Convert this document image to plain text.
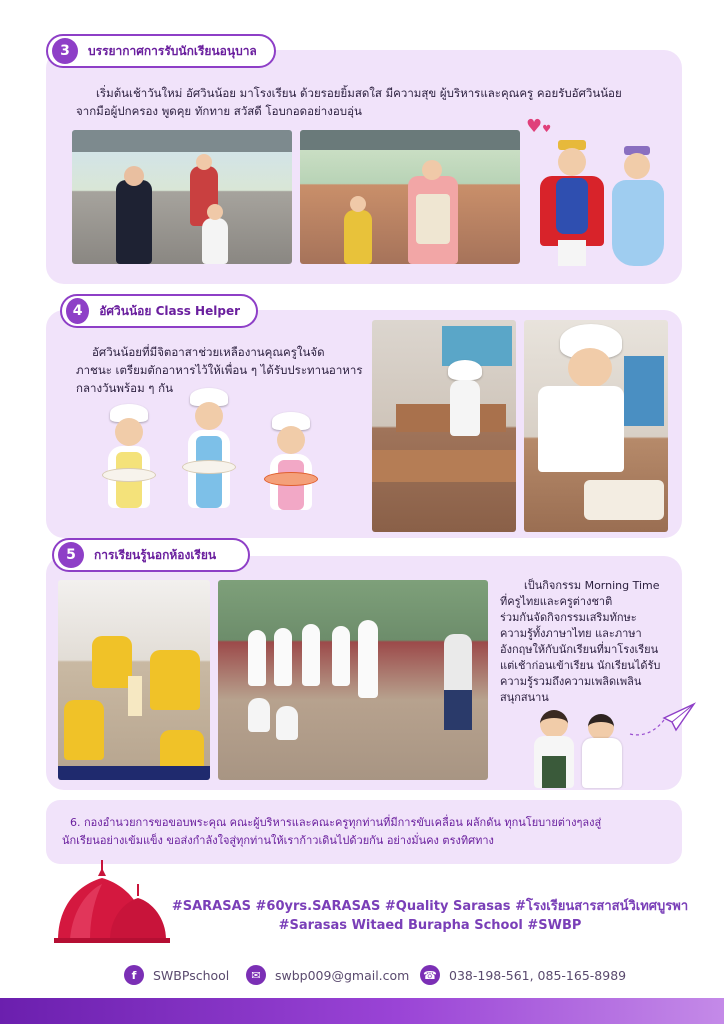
3	บรรยากาศการรับนักเรียนอนุบาล
เริ่มต้นเช้าวันใหม่ อัศวินน้อย มาโรงเรียน ด้วยรอยยิ้มสดใส มีความสุข ผู้บริหารและคุณครู คอยรับอัศวินน้อย
จากมือผู้ปกครอง พูดคุย ทักทาย สวัสดี โอบกอดอย่างอบอุ่น
♥♥
4	อัศวินน้อย Class Helper
อัศวินน้อยที่มีจิตอาสาช่วยเหลืองานคุณครูในจัด
ภาชนะ เตรียมตักอาหารไว้ให้เพื่อน ๆ ได้รับประทานอาหาร
กลางวันพร้อม ๆ กัน
5	การเรียนรู้นอกห้องเรียน
เป็นกิจกรรม Morning Time
ที่ครูไทยและครูต่างชาติ
ร่วมกันจัดกิจกรรมเสริมทักษะ
ความรู้ทั้งภาษาไทย และภาษา
อังกฤษให้กับนักเรียนที่มาโรงเรียน
แต่เช้าก่อนเข้าเรียน นักเรียนได้รับ
ความรู้รวมถึงความเพลิดเพลิน
สนุกสนาน
6. กองอำนวยการขอขอบพระคุณ คณะผู้บริหารและคณะครูทุกท่านที่มีการขับเคลื่อน ผลักดัน ทุกนโยบายต่างๆลงสู่
นักเรียนอย่างเข้มแข็ง ขอส่งกำลังใจสู่ทุกท่านให้เราก้าวเดินไปด้วยกัน อย่างมั่นคง ตรงทิศทาง
#SARASAS #60yrs.SARASAS #Quality Sarasas #โรงเรียนสารสาสน์วิเทศบูรพา
#Sarasas Witaed Burapha School #SWBP
f	SWBPschool	✉	swbp009@gmail.com ☎ 038-198-561, 085-165-8989
